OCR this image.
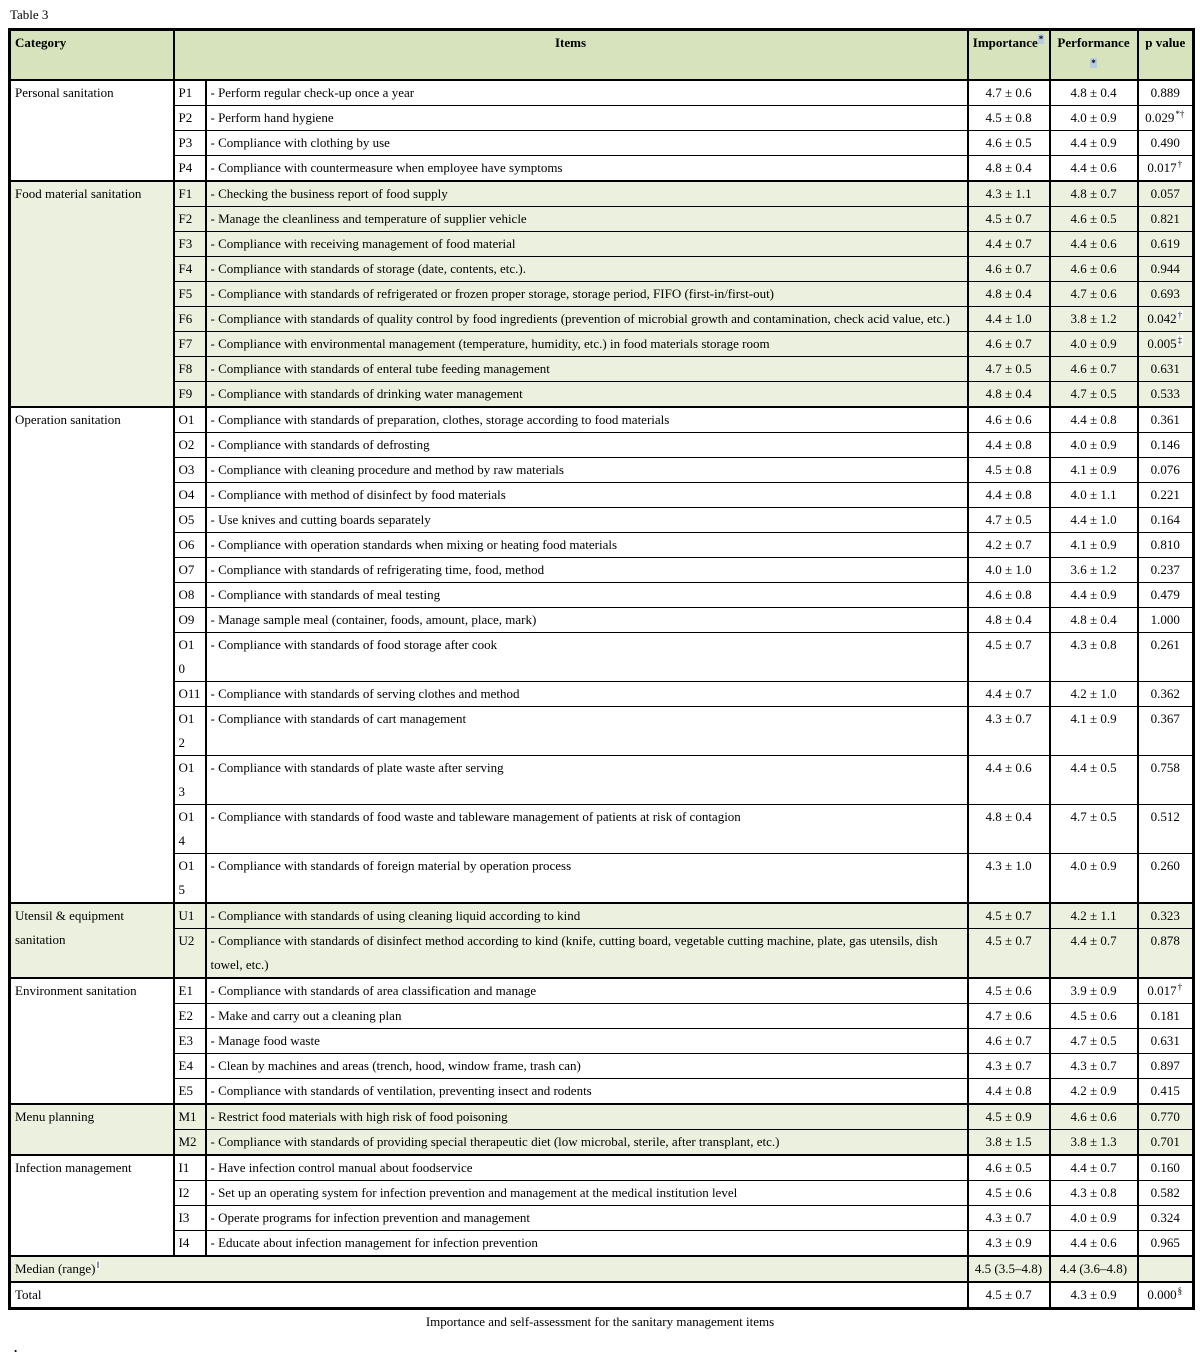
Table 3
Category	Items		Importance*	Performance*	p value
Personal sanitation	P1	- Perform regular check-up once a year	4.7 ± 0.6	4.8 ± 0.4	0.889
	P2	- Perform hand hygiene	4.5 ± 0.8	4.0 ± 0.9	0.029*†
	P3	- Compliance with clothing by use	4.6 ± 0.5	4.4 ± 0.9	0.490
	P4	- Compliance with countermeasure when employee have symptoms	4.8 ± 0.4	4.4 ± 0.6	0.017†
Food material sanitation	F1	- Checking the business report of food supply	4.3 ± 1.1	4.8 ± 0.7	0.057
	F2	- Manage the cleanliness and temperature of supplier vehicle	4.5 ± 0.7	4.6 ± 0.5	0.821
	F3	- Compliance with receiving management of food material	4.4 ± 0.7	4.4 ± 0.6	0.619
	F4	- Compliance with standards of storage (date, contents, etc.).	4.6 ± 0.7	4.6 ± 0.6	0.944
	F5	- Compliance with standards of refrigerated or frozen proper storage, storage period, FIFO (first-in/first-out)	4.8 ± 0.4	4.7 ± 0.6	0.693
	F6	- Compliance with standards of quality control by food ingredients (prevention of microbial growth and contamination, check acid value, etc.)	4.4 ± 1.0	3.8 ± 1.2	0.042†
	F7	- Compliance with environmental management (temperature, humidity, etc.) in food materials storage room	4.6 ± 0.7	4.0 ± 0.9	0.005‡
	F8	- Compliance with standards of enteral tube feeding management	4.7 ± 0.5	4.6 ± 0.7	0.631
	F9	- Compliance with standards of drinking water management	4.8 ± 0.4	4.7 ± 0.5	0.533
Operation sanitation	O1	- Compliance with standards of preparation, clothes, storage according to food materials	4.6 ± 0.6	4.4 ± 0.8	0.361
	O2	- Compliance with standards of defrosting	4.4 ± 0.8	4.0 ± 0.9	0.146
	O3	- Compliance with cleaning procedure and method by raw materials	4.5 ± 0.8	4.1 ± 0.9	0.076
	O4	- Compliance with method of disinfect by food materials	4.4 ± 0.8	4.0 ± 1.1	0.221
	O5	- Use knives and cutting boards separately	4.7 ± 0.5	4.4 ± 1.0	0.164
	O6	- Compliance with operation standards when mixing or heating food materials	4.2 ± 0.7	4.1 ± 0.9	0.810
	O7	- Compliance with standards of refrigerating time, food, method	4.0 ± 1.0	3.6 ± 1.2	0.237
	O8	- Compliance with standards of meal testing	4.6 ± 0.8	4.4 ± 0.9	0.479
	O9	- Manage sample meal (container, foods, amount, place, mark)	4.8 ± 0.4	4.8 ± 0.4	1.000
	O10	- Compliance with standards of food storage after cook	4.5 ± 0.7	4.3 ± 0.8	0.261
	O11	- Compliance with standards of serving clothes and method	4.4 ± 0.7	4.2 ± 1.0	0.362
	O12	- Compliance with standards of cart management	4.3 ± 0.7	4.1 ± 0.9	0.367
	O13	- Compliance with standards of plate waste after serving	4.4 ± 0.6	4.4 ± 0.5	0.758
	O14	- Compliance with standards of food waste and tableware management of patients at risk of contagion	4.8 ± 0.4	4.7 ± 0.5	0.512
	O15	- Compliance with standards of foreign material by operation process	4.3 ± 1.0	4.0 ± 0.9	0.260
Utensil & equipment sanitation	U1	- Compliance with standards of using cleaning liquid according to kind	4.5 ± 0.7	4.2 ± 1.1	0.323
	U2	- Compliance with standards of disinfect method according to kind (knife, cutting board, vegetable cutting machine, plate, gas utensils, dish towel, etc.)	4.5 ± 0.7	4.4 ± 0.7	0.878
Environment sanitation	E1	- Compliance with standards of area classification and manage	4.5 ± 0.6	3.9 ± 0.9	0.017†
	E2	- Make and carry out a cleaning plan	4.7 ± 0.6	4.5 ± 0.6	0.181
	E3	- Manage food waste	4.6 ± 0.7	4.7 ± 0.5	0.631
	E4	- Clean by machines and areas (trench, hood, window frame, trash can)	4.3 ± 0.7	4.3 ± 0.7	0.897
	E5	- Compliance with standards of ventilation, preventing insect and rodents	4.4 ± 0.8	4.2 ± 0.9	0.415
Menu planning	M1	- Restrict food materials with high risk of food poisoning	4.5 ± 0.9	4.6 ± 0.6	0.770
	M2	- Compliance with standards of providing special therapeutic diet (low microbal, sterile, after transplant, etc.)	3.8 ± 1.5	3.8 ± 1.3	0.701
Infection management	I1	- Have infection control manual about foodservice	4.6 ± 0.5	4.4 ± 0.7	0.160
	I2	- Set up an operating system for infection prevention and management at the medical institution level	4.5 ± 0.6	4.3 ± 0.8	0.582
	I3	- Operate programs for infection prevention and management	4.3 ± 0.7	4.0 ± 0.9	0.324
	I4	- Educate about infection management for infection prevention	4.3 ± 0.9	4.4 ± 0.6	0.965
Median (range)‖			4.5 (3.5–4.8)	4.4 (3.6–4.8)	
Total			4.5 ± 0.7	4.3 ± 0.9	0.000§
Importance and self-assessment for the sanitary management items
.
